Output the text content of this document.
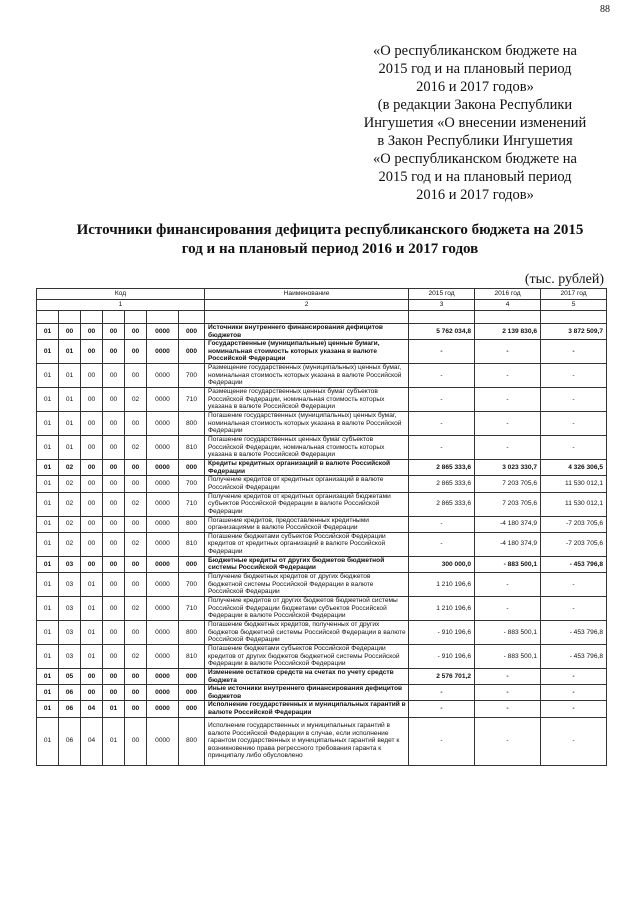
88
«О республиканском бюджете на
2015 год и на плановый период
2016 и 2017 годов»
(в редакции Закона Республики
Ингушетия «О внесении изменений
в Закон Республики Ингушетия
«О республиканском бюджете на
2015 год и на плановый период
2016 и 2017 годов»
Источники финансирования дефицита республиканского бюджета на 2015
год и на плановый период 2016 и 2017 годов
(тыс. рублей)
Код							Наименование	2015 год	2016 год	2017 год
1							2	3	4	5

01	00	00	00	00	0000	000	Источники внутреннего финансирования дефицитов бюджетов	5 762 034,8	2 139 830,6	3 872 509,7
01	01	00	00	00	0000	000	Государственные (муниципальные) ценные бумаги, номинальная стоимость которых указана в валюте Российской Федерации	-	-	-
01	01	00	00	00	0000	700	Размещение государственных (муниципальных) ценных бумаг, номинальная стоимость которых указана в валюте Российской Федерации	-	-	-
01	01	00	00	02	0000	710	Размещение государственных ценных бумаг субъектов Российской Федерации, номинальная стоимость которых указана в валюте Российской Федерации	-	-	-
01	01	00	00	00	0000	800	Погашение государственных (муниципальных) ценных бумаг, номинальная стоимость которых указана в валюте Российской Федерации	-	-	-
01	01	00	00	02	0000	810	Погашение государственных ценных бумаг субъектов Российской Федерации, номинальная стоимость которых указана в валюте Российской Федерации	-	-	-
01	02	00	00	00	0000	000	Кредиты кредитных организаций в валюте Российской Федерации	2 865 333,6	3 023 330,7	4 326 306,5
01	02	00	00	00	0000	700	Получение кредитов от кредитных организаций в валюте Российской Федерации	2 865 333,6	7 203 705,6	11 530 012,1
01	02	00	00	02	0000	710	Получение кредитов от кредитных организаций бюджетами субъектов Российской Федерации в валюте Российской Федерации	2 865 333,6	7 203 705,6	11 530 012,1
01	02	00	00	00	0000	800	Погашение кредитов, предоставленных кредитными организациями в валюте Российской Федерации	-	-4 180 374,9	-7 203 705,6
01	02	00	00	02	0000	810	Погашение бюджетами субъектов Российской Федерации кредитов от кредитных организаций в валюте Российской Федерации	-	-4 180 374,9	-7 203 705,6
01	03	00	00	00	0000	000	Бюджетные кредиты от других бюджетов бюджетной системы Российской Федерации	300 000,0	- 883 500,1	- 453 796,8
01	03	01	00	00	0000	700	Получение бюджетных кредитов от других бюджетов бюджетной системы Российской Федерации в валюте Российской Федерации	1 210 196,6	-	-
01	03	01	00	02	0000	710	Получение кредитов от других бюджетов бюджетной системы Российской Федерации бюджетами субъектов Российской Федерации в валюте Российской Федерации	1 210 196,6	-	-
01	03	01	00	00	0000	800	Погашение бюджетных кредитов, полученных от других бюджетов бюджетной системы Российской Федерации в валюте Российской Федерации	- 910 196,6	- 883 500,1	- 453 796,8
01	03	01	00	02	0000	810	Погашение бюджетами субъектов Российской Федерации кредитов от других бюджетов бюджетной системы Российской Федерации в валюте Российской Федерации	- 910 196,6	- 883 500,1	- 453 796,8
01	05	00	00	00	0000	000	Изменение остатков средств на счетах по учету средств бюджета	2 576 701,2	-	-
01	06	00	00	00	0000	000	Иные источники внутреннего финансирования дефицитов бюджетов	-	-	-
01	06	04	01	00	0000	000	Исполнение государственных и муниципальных гарантий в валюте Российской Федерации	-	-	-
01	06	04	01	00	0000	800	Исполнение государственных и муниципальных гарантий в валюте Российской Федерации в случае, если исполнение гарантом государственных и муниципальных гарантий ведет к возникновению права регрессного требования гаранта к принципалу либо обусловлено	-	-	-
